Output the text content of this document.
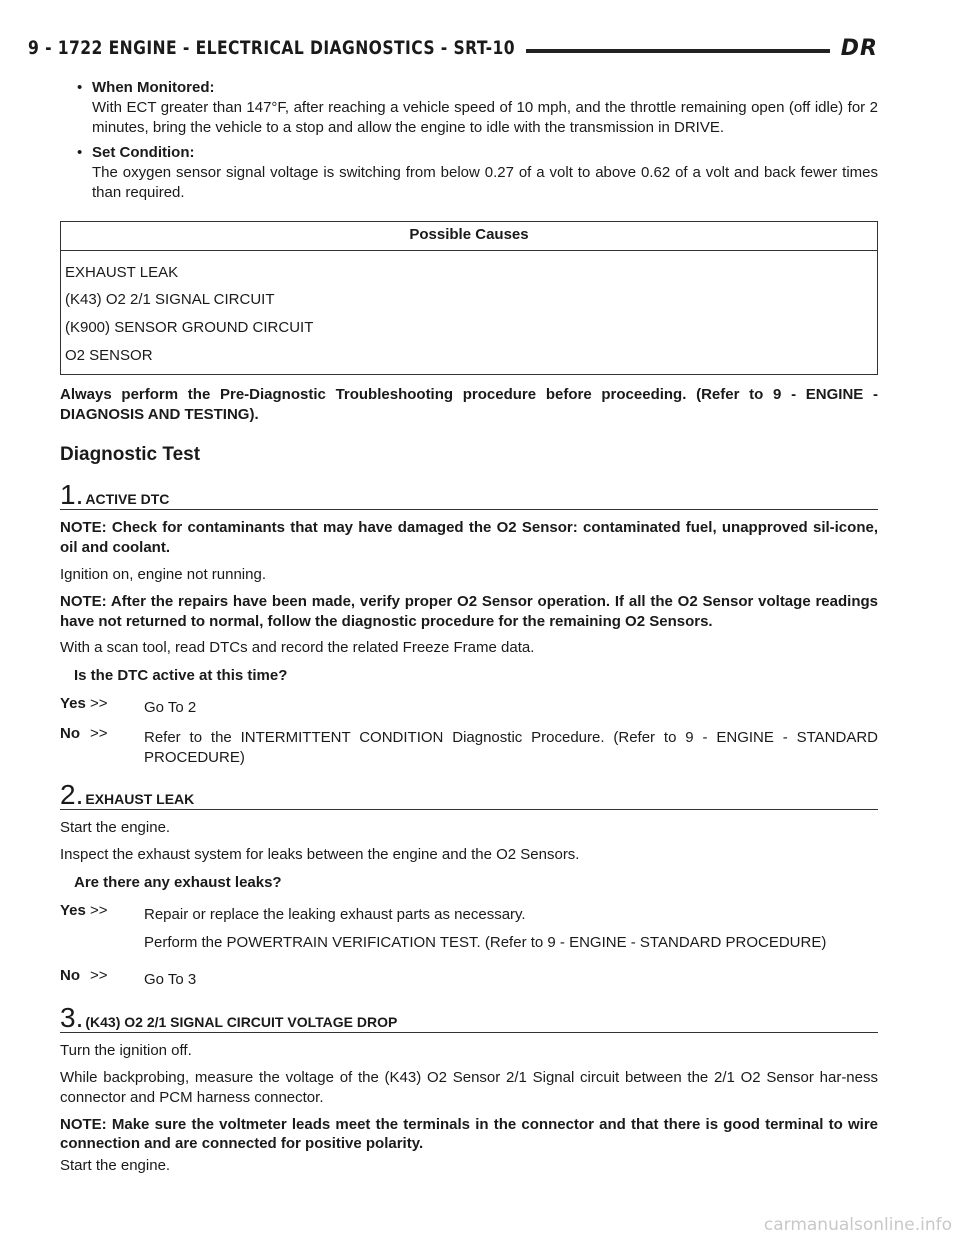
9 - 1722 ENGINE - ELECTRICAL DIAGNOSTICS - SRT-10	DR
• When Monitored:
With ECT greater than 147°F, after reaching a vehicle speed of 10 mph, and the throttle remaining open (off idle) for 2 minutes, bring the vehicle to a stop and allow the engine to idle with the transmission in DRIVE.
• Set Condition:
The oxygen sensor signal voltage is switching from below 0.27 of a volt to above 0.62 of a volt and back fewer times than required.
Possible Causes
EXHAUST LEAK
(K43) O2 2/1 SIGNAL CIRCUIT
(K900) SENSOR GROUND CIRCUIT
O2 SENSOR

Always perform the Pre-Diagnostic Troubleshooting procedure before proceeding. (Refer to 9 - ENGINE - DIAGNOSIS AND TESTING).

Diagnostic Test
1. ACTIVE DTC

NOTE: Check for contaminants that may have damaged the O2 Sensor: contaminated fuel, unapproved sil-icone, oil and coolant.

Ignition on, engine not running.

NOTE: After the repairs have been made, verify proper O2 Sensor operation. If all the O2 Sensor voltage readings have not returned to normal, follow the diagnostic procedure for the remaining O2 Sensors.

With a scan tool, read DTCs and record the related Freeze Frame data.

Is the DTC active at this time?
Yes >>	Go To 2
No >>	Refer to the INTERMITTENT CONDITION Diagnostic Procedure. (Refer to 9 - ENGINE - STANDARD PROCEDURE)
2. EXHAUST LEAK

Start the engine.

Inspect the exhaust system for leaks between the engine and the O2 Sensors.

Are there any exhaust leaks?
Yes >>	Repair or replace the leaking exhaust parts as necessary.

Perform the POWERTRAIN VERIFICATION TEST. (Refer to 9 - ENGINE - STANDARD PROCEDURE)

No >>	Go To 3
3. (K43) O2 2/1 SIGNAL CIRCUIT VOLTAGE DROP

Turn the ignition off.

While backprobing, measure the voltage of the (K43) O2 Sensor 2/1 Signal circuit between the 2/1 O2 Sensor har-ness connector and PCM harness connector.

NOTE: Make sure the voltmeter leads meet the terminals in the connector and that there is good terminal to wire connection and are connected for positive polarity.

Start the engine.

carmanualsonline.info
